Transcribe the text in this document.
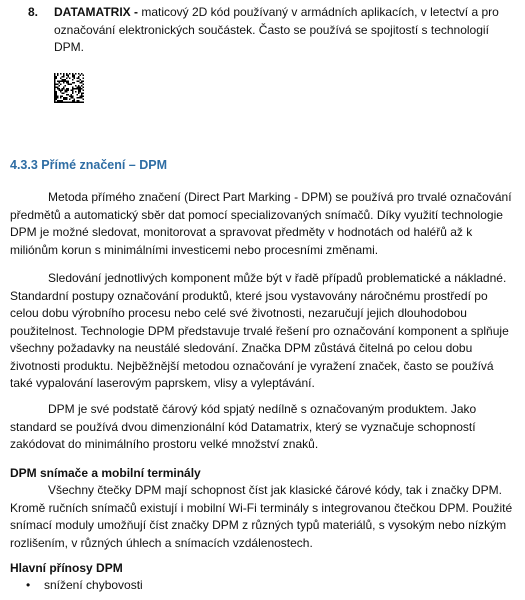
8. DATAMATRIX - maticový 2D kód používaný v armádních aplikacích, v letectví a pro označování elektronických součástek. Často se používá se spojitostí s technologií DPM.
4.3.3 Přímé značení – DPM

Metoda přímého značení (Direct Part Marking - DPM) se používá pro trvalé označování předmětů a automatický sběr dat pomocí specializovaných snímačů. Díky využití technologie DPM je možné sledovat, monitorovat a spravovat předměty v hodnotách od haléřů až k miliónům korun s minimálními investicemi nebo procesními změnami.

Sledování jednotlivých komponent může být v řadě případů problematické a nákladné. Standardní postupy označování produktů, které jsou vystavovány náročnému prostředí po celou dobu výrobního procesu nebo celé své životnosti, nezaručují jejich dlouhodobou použitelnost. Technologie DPM představuje trvalé řešení pro označování komponent a splňuje všechny požadavky na neustálé sledování. Značka DPM zůstává čitelná po celou dobu životnosti produktu. Nejběžnější metodou označování je vyražení značek, často se používá také vypalování laserovým paprskem, vlisy a vyleptávání.

DPM je své podstatě čárový kód spjatý nedílně s označovaným produktem. Jako standard se používá dvou dimenzionální kód Datamatrix, který se vyznačuje schopností zakódovat do minimálního prostoru velké množství znaků.

DPM snímače a mobilní terminály

Všechny čtečky DPM mají schopnost číst jak klasické čárové kódy, tak i značky DPM. Kromě ručních snímačů existují i mobilní Wi-Fi terminály s integrovanou čtečkou DPM. Použité snímací moduly umožňují číst značky DPM z různých typů materiálů, s vysokým nebo nízkým rozlišením, v různých úhlech a snímacích vzdálenostech.

Hlavní přínosy DPM
• snížení chybovosti
